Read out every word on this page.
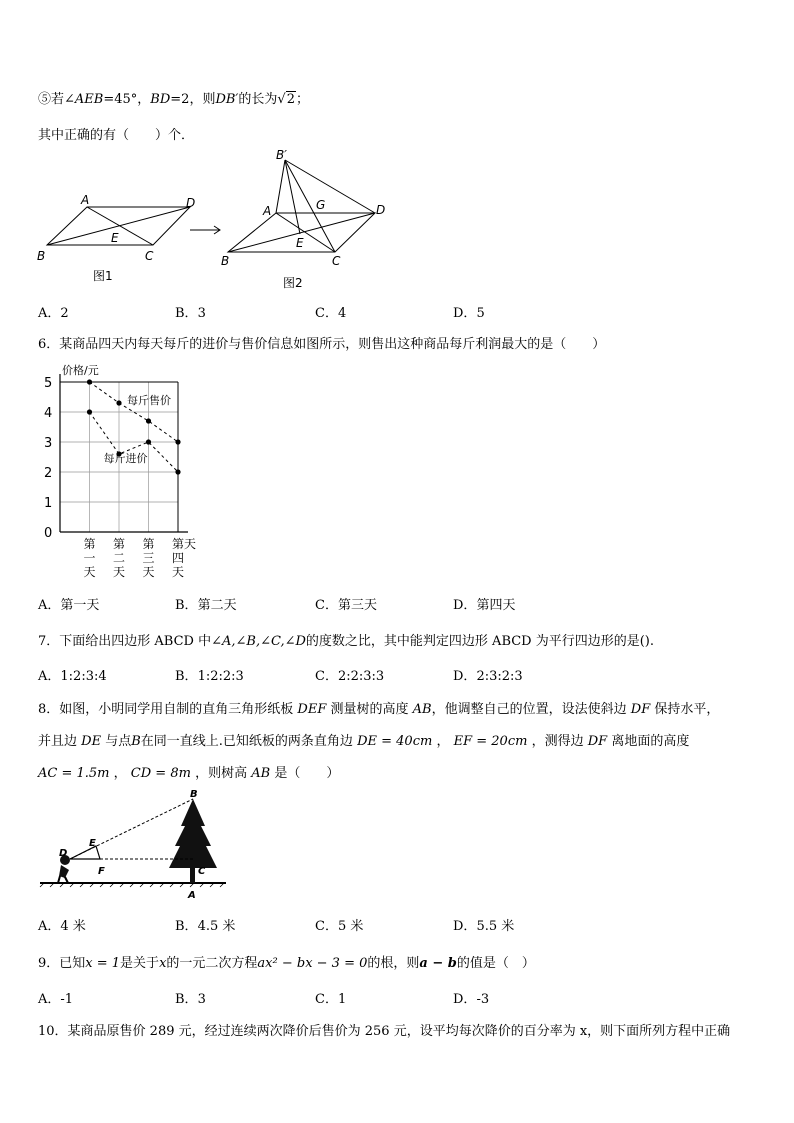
⑤若∠AEB=45°，BD=2，则DB′的长为√2；
其中正确的有（　　）个．
A	D
B	C
E
图1
B′
A	G	D
E
B	C
图2
A．2	B．3	C．4	D．5
6．某商品四天内每天每斤的进价与售价信息如图所示，则售出这种商品每斤利润最大的是（　　）
价格/元
天
0
1
2
3
4
5
第
一
天
第
二
天
第
三
天
第
四
天
每斤售价
每斤进价
A．第一天	B．第二天	C．第三天	D．第四天
7．下面给出四边形 ABCD 中∠A,∠B,∠C,∠D的度数之比，其中能判定四边形 ABCD 为平行四边形的是().
A．1:2:3:4	B．1:2:2:3	C．2:2:3:3	D．2:3:2:3
8．如图，小明同学用自制的直角三角形纸板 DEF 测量树的高度 AB，他调整自己的位置，设法使斜边 DF 保持水平，
并且边 DE 与点B在同一直线上.已知纸板的两条直角边 DE = 40cm ， EF = 20cm ，测得边 DF 离地面的高度
AC = 1.5m ， CD = 8m ，则树高 AB 是（　　）
B
E
D
F	C
A
A．4 米	B．4.5 米	C．5 米	D．5.5 米
9．已知x = 1是关于x的一元二次方程ax² − bx − 3 = 0的根，则a − b的值是（　）
A．-1	B．3	C．1	D．-3
10．某商品原售价 289 元，经过连续两次降价后售价为 256 元，设平均每次降价的百分率为 x，则下面所列方程中正确
